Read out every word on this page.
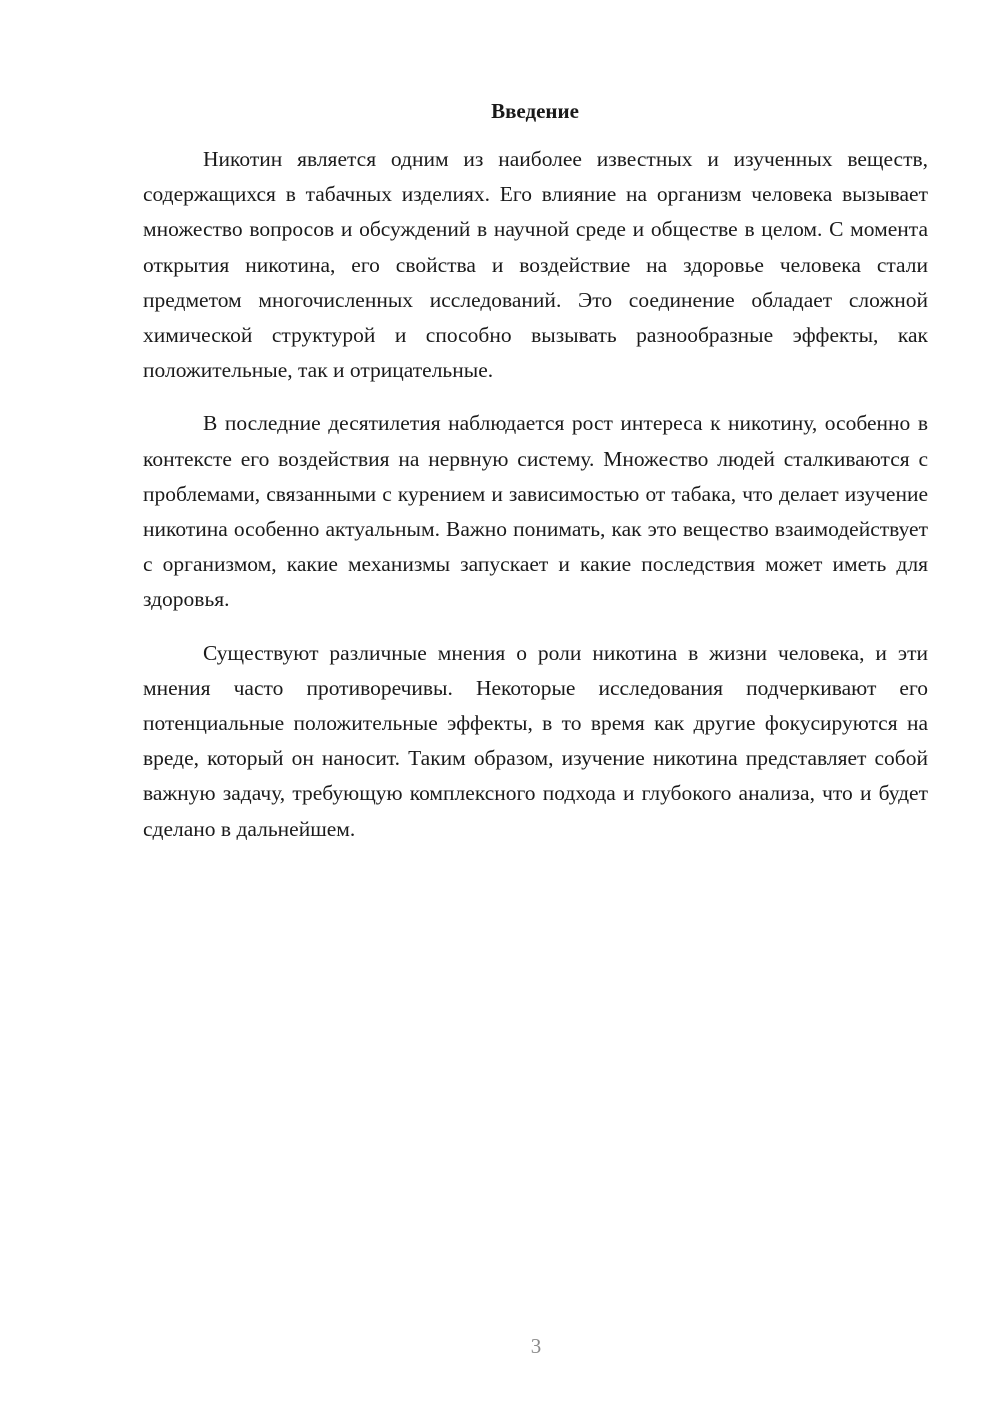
Введение

Никотин является одним из наиболее известных и изученных веществ, содержащихся в табачных изделиях. Его влияние на организм человека вызывает множество вопросов и обсуждений в научной среде и обществе в целом. С момента открытия никотина, его свойства и воздействие на здоровье человека стали предметом многочисленных исследований. Это соединение обладает сложной химической структурой и способно вызывать разнообразные эффекты, как положительные, так и отрицательные.

В последние десятилетия наблюдается рост интереса к никотину, особенно в контексте его воздействия на нервную систему. Множество людей сталкиваются с проблемами, связанными с курением и зависимостью от табака, что делает изучение никотина особенно актуальным. Важно понимать, как это вещество взаимодействует с организмом, какие механизмы запускает и какие последствия может иметь для здоровья.

Существуют различные мнения о роли никотина в жизни человека, и эти мнения часто противоречивы. Некоторые исследования подчеркивают его потенциальные положительные эффекты, в то время как другие фокусируются на вреде, который он наносит. Таким образом, изучение никотина представляет собой важную задачу, требующую комплексного подхода и глубокого анализа, что и будет сделано в дальнейшем.

3
